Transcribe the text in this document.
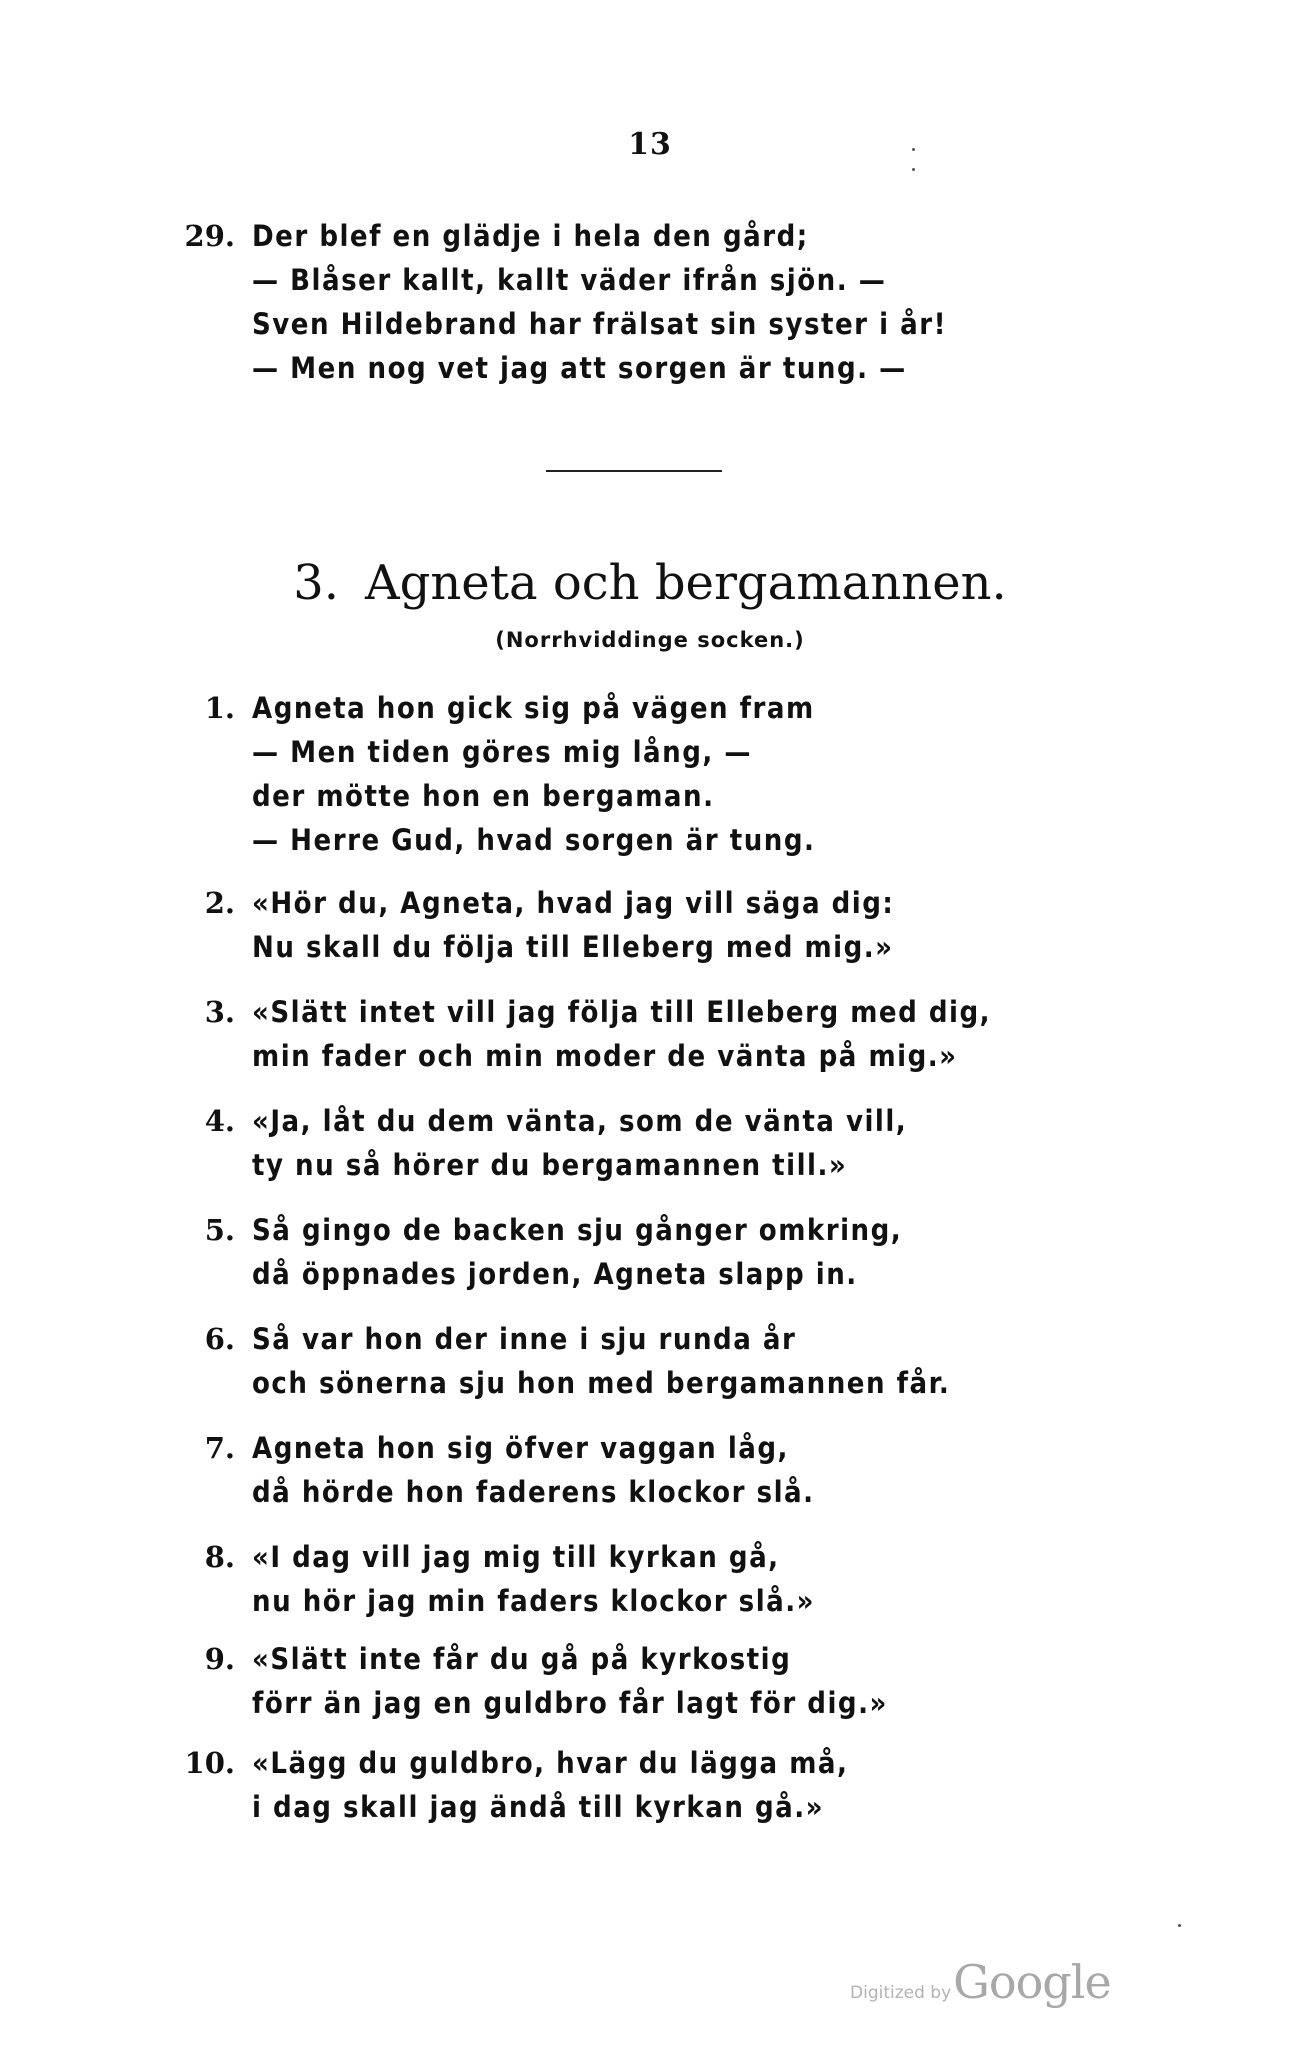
13
29. Der blef en glädje i hela den gård;
— Blåser kallt, kallt väder ifrån sjön. —
Sven Hildebrand har frälsat sin syster i år!
— Men nog vet jag att sorgen är tung. —
3. Agneta och bergamannen.
(Norrhviddinge socken.)
1. Agneta hon gick sig på vägen fram
— Men tiden göres mig lång, —
der mötte hon en bergaman.
— Herre Gud, hvad sorgen är tung.
2. «Hör du, Agneta, hvad jag vill säga dig:
Nu skall du följa till Elleberg med mig.»
3. «Slätt intet vill jag följa till Elleberg med dig,
min fader och min moder de vänta på mig.»
4. «Ja, låt du dem vänta, som de vänta vill,
ty nu så hörer du bergamannen till.»
5. Så gingo de backen sju gånger omkring,
då öppnades jorden, Agneta slapp in.
6. Så var hon der inne i sju runda år
och sönerna sju hon med bergamannen får.
7. Agneta hon sig öfver vaggan låg,
då hörde hon faderens klockor slå.
8. «I dag vill jag mig till kyrkan gå,
nu hör jag min faders klockor slå.»
9. «Slätt inte får du gå på kyrkostig
förr än jag en guldbro får lagt för dig.»
10. «Lägg du guldbro, hvar du lägga må,
i dag skall jag ändå till kyrkan gå.»
Digitized byGoogle
